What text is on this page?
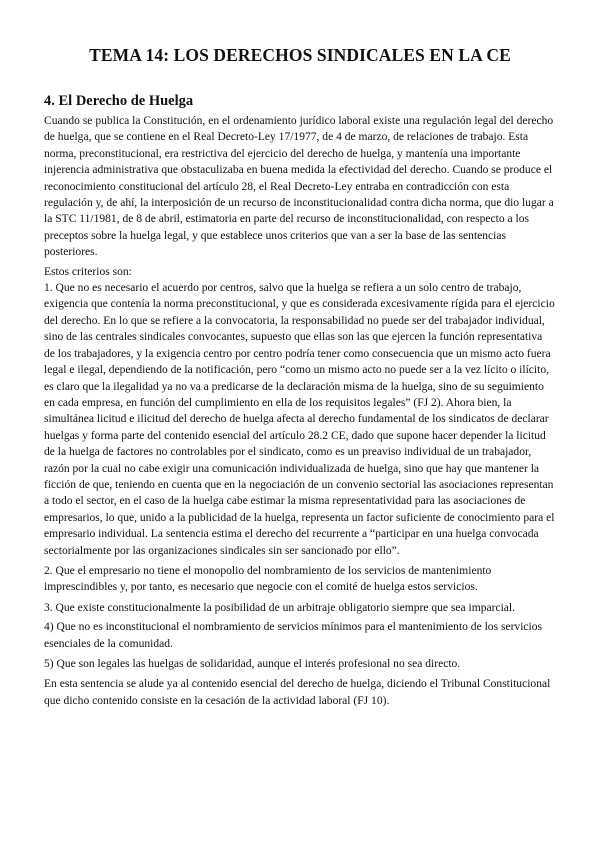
TEMA 14: LOS DERECHOS SINDICALES EN LA CE
4. El Derecho de Huelga

Cuando se publica la Constitución, en el ordenamiento jurídico laboral existe una regulación legal del derecho de huelga, que se contiene en el Real Decreto-Ley 17/1977, de 4 de marzo, de relaciones de trabajo. Esta norma, preconstitucional, era restrictiva del ejercicio del derecho de huelga, y mantenía una importante injerencia administrativa que obstaculizaba en buena medida la efectividad del derecho. Cuando se produce el reconocimiento constitucional del artículo 28, el Real Decreto-Ley entraba en contradicción con esta regulación y, de ahí, la interposición de un recurso de inconstitucionalidad contra dicha norma, que dio lugar a la STC 11/1981, de 8 de abril, estimatoria en parte del recurso de inconstitucionalidad, con respecto a los preceptos sobre la huelga legal, y que establece unos criterios que van a ser la base de las sentencias posteriores.

Estos criterios son:

1. Que no es necesario el acuerdo por centros, salvo que la huelga se refiera a un solo centro de trabajo, exigencia que contenía la norma preconstitucional, y que es considerada excesivamente rígida para el ejercicio del derecho. En lo que se refiere a la convocatoria, la responsabilidad no puede ser del trabajador individual, sino de las centrales sindicales convocantes, supuesto que ellas son las que ejercen la función representativa de los trabajadores, y la exigencia centro por centro podría tener como consecuencia que un mismo acto fuera legal e ilegal, dependiendo de la notificación, pero “como un mismo acto no puede ser a la vez lícito o ilícito, es claro que la ilegalidad ya no va a predicarse de la declaración misma de la huelga, sino de su seguimiento en cada empresa, en función del cumplimiento en ella de los requisitos legales” (FJ 2). Ahora bien, la simultánea licitud e ilicitud del derecho de huelga afecta al derecho fundamental de los sindicatos de declarar huelgas y forma parte del contenido esencial del artículo 28.2 CE, dado que supone hacer depender la licitud de la huelga de factores no controlables por el sindicato, como es un preaviso individual de un trabajador, razón por la cual no cabe exigir una comunicación individualizada de huelga, sino que hay que mantener la ficción de que, teniendo en cuenta que en la negociación de un convenio sectorial las asociaciones representan a todo el sector, en el caso de la huelga cabe estimar la misma representatividad para las asociaciones de empresarios, lo que, unido a la publicidad de la huelga, representa un factor suficiente de conocimiento para el empresario individual. La sentencia estima el derecho del recurrente a “participar en una huelga convocada sectorialmente por las organizaciones sindicales sin ser sancionado por ello”.

2. Que el empresario no tiene el monopolio del nombramiento de los servicios de mantenimiento imprescindibles y, por tanto, es necesario que negocie con el comité de huelga estos servicios.

3. Que existe constitucionalmente la posibilidad de un arbitraje obligatorio siempre que sea imparcial.

4) Que no es inconstitucional el nombramiento de servicios mínimos para el mantenimiento de los servicios esenciales de la comunidad.

5) Que son legales las huelgas de solidaridad, aunque el interés profesional no sea directo.

En esta sentencia se alude ya al contenido esencial del derecho de huelga, diciendo el Tribunal Constitucional que dicho contenido consiste en la cesación de la actividad laboral (FJ 10).
